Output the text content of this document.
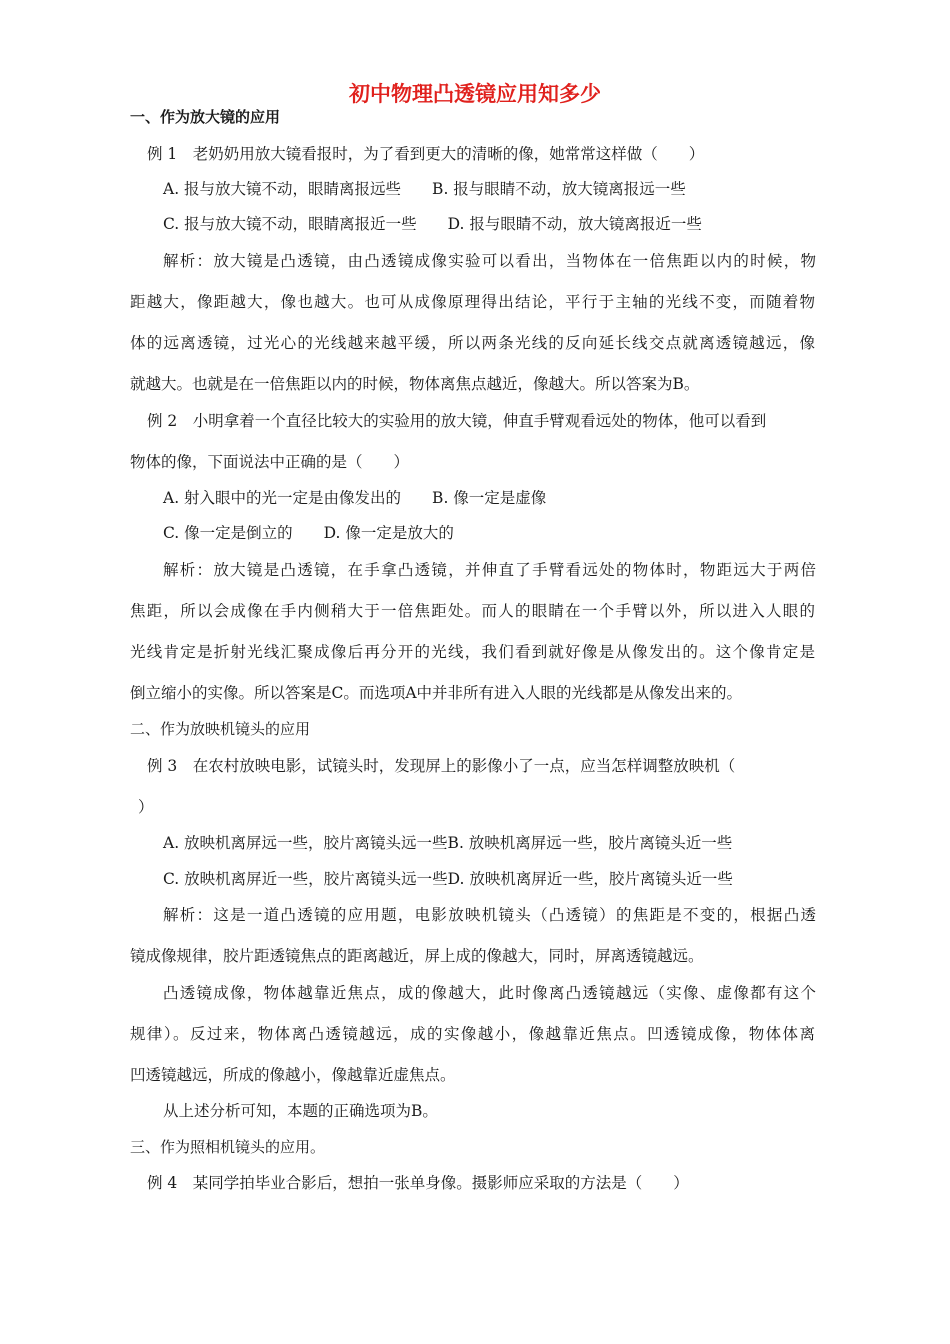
初中物理凸透镜应用知多少
一、作为放大镜的应用
例 1　老奶奶用放大镜看报时，为了看到更大的清晰的像，她常常这样做（　　）
A. 报与放大镜不动，眼睛离报远些　　B. 报与眼睛不动，放大镜离报远一些
C. 报与放大镜不动，眼睛离报近一些　　D. 报与眼睛不动，放大镜离报近一些
解析：放大镜是凸透镜，由凸透镜成像实验可以看出，当物体在一倍焦距以内的时候，物
距越大，像距越大，像也越大。也可从成像原理得出结论，平行于主轴的光线不变，而随着物
体的远离透镜，过光心的光线越来越平缓，所以两条光线的反向延长线交点就离透镜越远，像
就越大。也就是在一倍焦距以内的时候，物体离焦点越近，像越大。所以答案为B。
例 2　小明拿着一个直径比较大的实验用的放大镜，伸直手臂观看远处的物体，他可以看到
物体的像，下面说法中正确的是（　　）
A. 射入眼中的光一定是由像发出的　　B. 像一定是虚像
C. 像一定是倒立的　　D. 像一定是放大的
解析：放大镜是凸透镜，在手拿凸透镜，并伸直了手臂看远处的物体时，物距远大于两倍
焦距，所以会成像在手内侧稍大于一倍焦距处。而人的眼睛在一个手臂以外，所以进入人眼的
光线肯定是折射光线汇聚成像后再分开的光线，我们看到就好像是从像发出的。这个像肯定是
倒立缩小的实像。所以答案是C。而选项A中并非所有进入人眼的光线都是从像发出来的。
二、作为放映机镜头的应用
例 3　在农村放映电影，试镜头时，发现屏上的影像小了一点，应当怎样调整放映机（
）
A. 放映机离屏远一些，胶片离镜头远一些B. 放映机离屏远一些，胶片离镜头近一些
C. 放映机离屏近一些，胶片离镜头远一些D. 放映机离屏近一些，胶片离镜头近一些
解析：这是一道凸透镜的应用题，电影放映机镜头（凸透镜）的焦距是不变的，根据凸透
镜成像规律，胶片距透镜焦点的距离越近，屏上成的像越大，同时，屏离透镜越远。
凸透镜成像，物体越靠近焦点，成的像越大，此时像离凸透镜越远（实像、虚像都有这个
规律）。反过来，物体离凸透镜越远，成的实像越小，像越靠近焦点。凹透镜成像，物体体离
凹透镜越远，所成的像越小，像越靠近虚焦点。
从上述分析可知，本题的正确选项为B。
三、作为照相机镜头的应用。
例 4　某同学拍毕业合影后，想拍一张单身像。摄影师应采取的方法是（　　）
